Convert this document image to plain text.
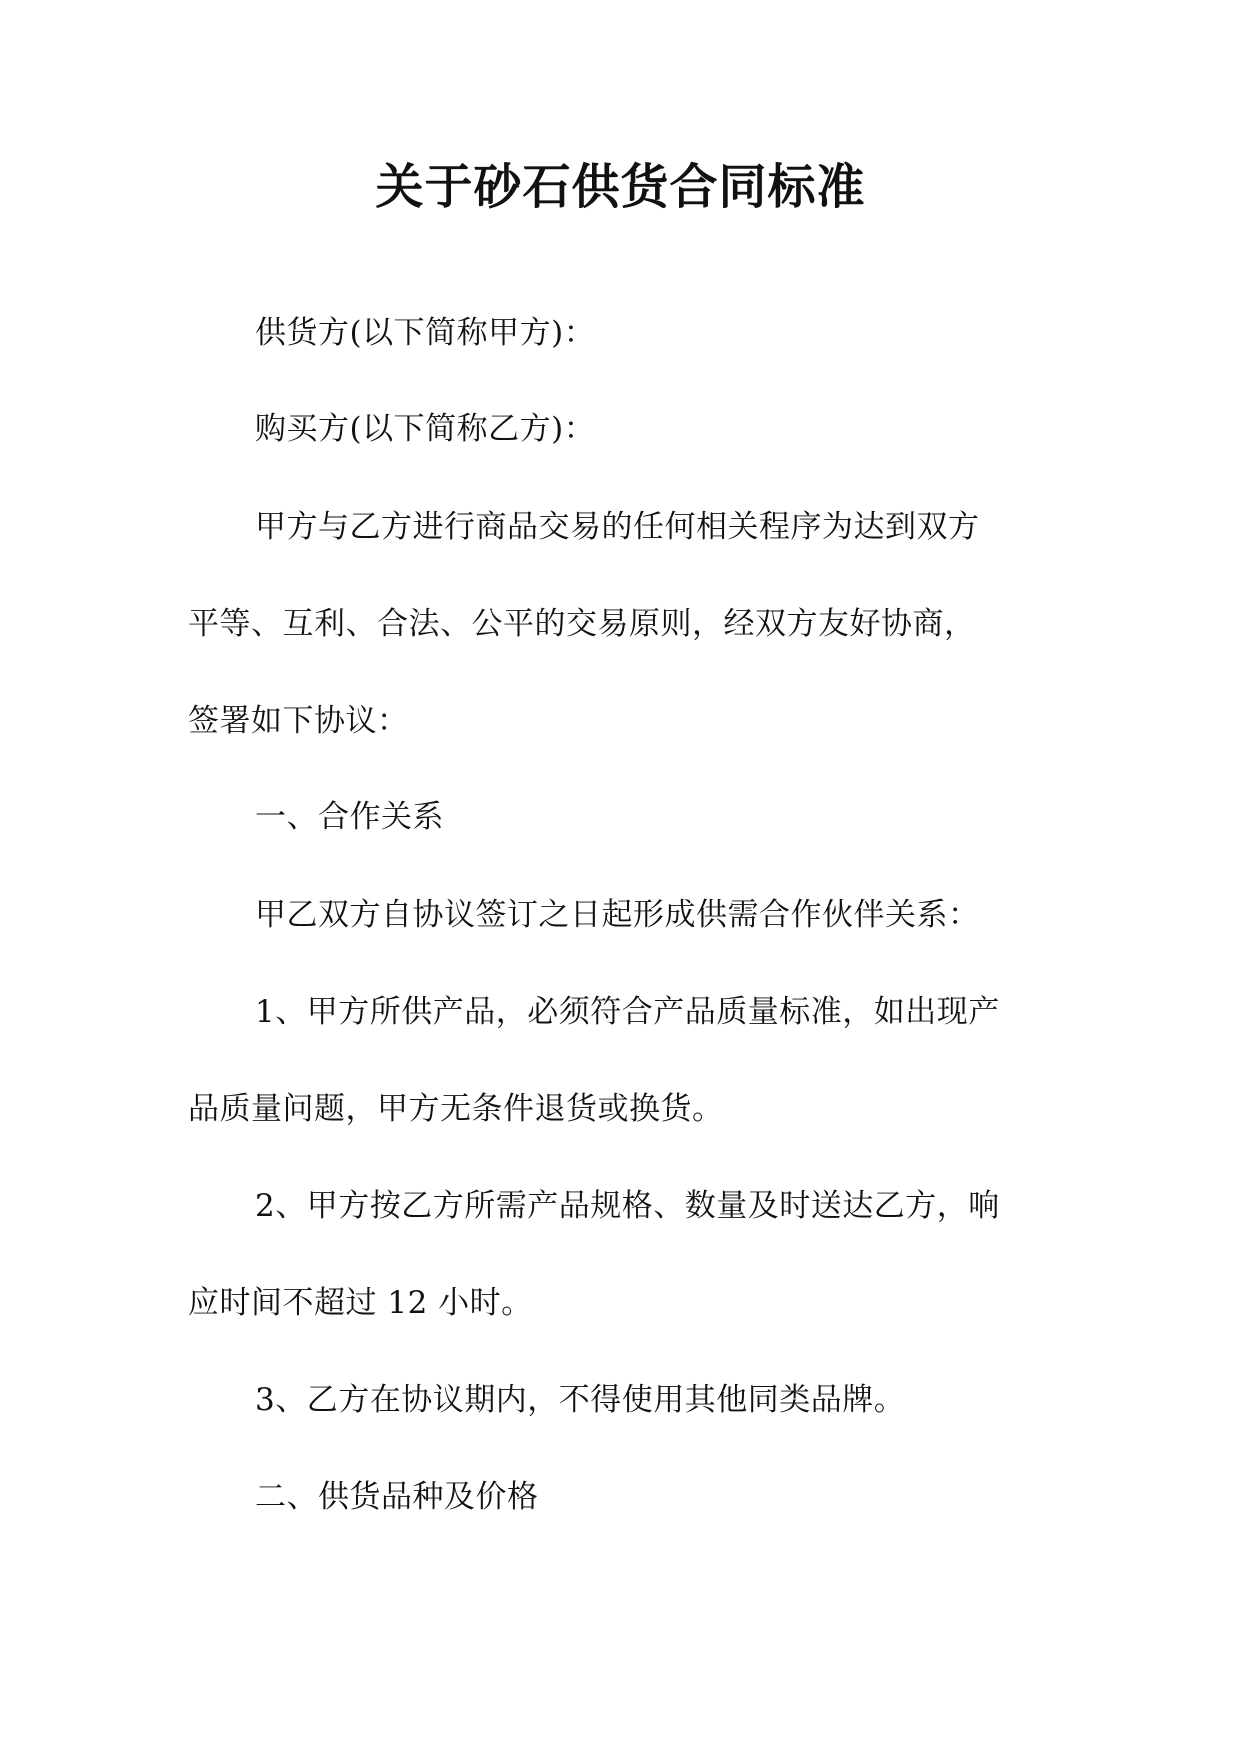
关于砂石供货合同标准
供货方(以下简称甲方)：
购买方(以下简称乙方)：
甲方与乙方进行商品交易的任何相关程序为达到双方
平等、互利、合法、公平的交易原则，经双方友好协商，
签署如下协议：
一、合作关系
甲乙双方自协议签订之日起形成供需合作伙伴关系：
1、甲方所供产品，必须符合产品质量标准，如出现产
品质量问题，甲方无条件退货或换货。
2、甲方按乙方所需产品规格、数量及时送达乙方，响
应时间不超过 12 小时。
3、乙方在协议期内，不得使用其他同类品牌。
二、供货品种及价格
